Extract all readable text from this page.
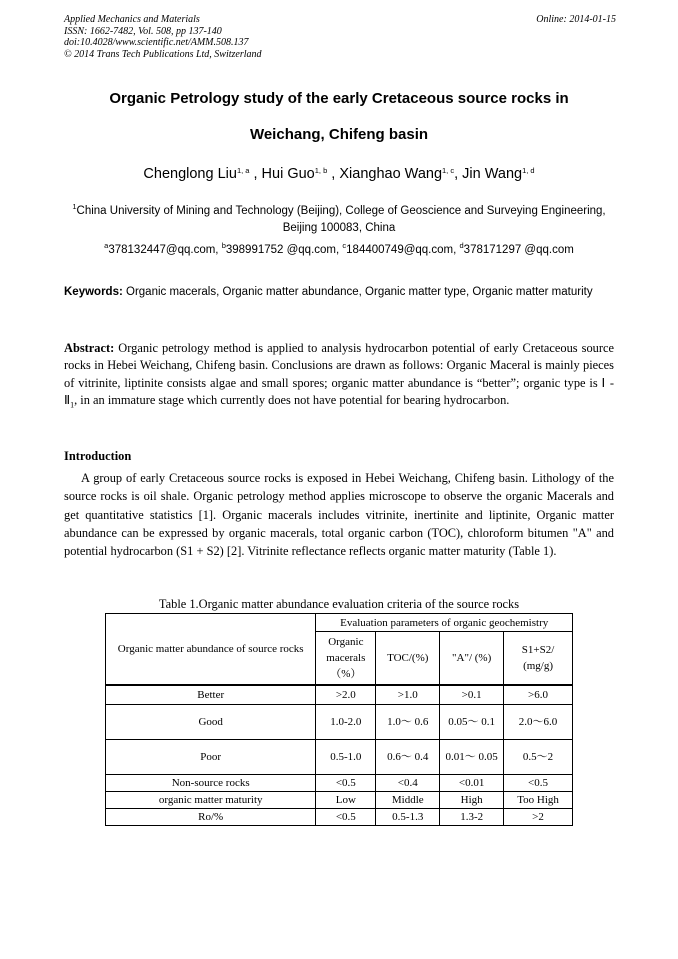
Applied Mechanics and Materials
ISSN: 1662-7482, Vol. 508, pp 137-140
doi:10.4028/www.scientific.net/AMM.508.137
© 2014 Trans Tech Publications Ltd, Switzerland
Online: 2014-01-15
Organic Petrology study of the early Cretaceous source rocks in
Weichang, Chifeng basin
Chenglong Liu$^{1, a}$ , Hui Guo$^{1, b}$ , Xianghao Wang$^{1, c}$, Jin Wang$^{1, d}$
$^1$China University of Mining and Technology (Beijing), College of Geoscience and Surveying Engineering, Beijing 100083, China
$^a$378132447@qq.com, $^b$398991752 @qq.com, $^c$184400749@qq.com, $^d$378171297 @qq.com
Keywords: Organic macerals, Organic matter abundance, Organic matter type, Organic matter maturity
Abstract: Organic petrology method is applied to analysis hydrocarbon potential of early Cretaceous source rocks in Hebei Weichang, Chifeng basin. Conclusions are drawn as follows: Organic Maceral is mainly pieces of vitrinite, liptinite consists algae and small spores; organic matter abundance is “better”; organic type is Ⅰ - $Ⅱ_1$, in an immature stage which currently does not have potential for bearing hydrocarbon.
Introduction
A group of early Cretaceous source rocks is exposed in Hebei Weichang, Chifeng basin. Lithology of the source rocks is oil shale. Organic petrology method applies microscope to observe the organic Macerals and get quantitative statistics [1]. Organic macerals includes vitrinite, inertinite and liptinite, Organic matter abundance can be expressed by organic macerals, total organic carbon (TOC), chloroform bitumen "A" and potential hydrocarbon (S1 + S2) [2]. Vitrinite reflectance reflects organic matter maturity (Table 1).
Table 1.Organic matter abundance evaluation criteria of the source rocks
Organic matter abundance of source rocks	Evaluation parameters of organic geochemistry			
	Organic macerals （%）	TOC/(%)	"A"/ (%)	S1+S2/ (mg/g)
Better	>2.0	>1.0	>0.1	>6.0
Good	1.0-2.0	1.0～ 0.6	0.05～ 0.1	2.0～6.0
Poor	0.5-1.0	0.6～ 0.4	0.01～ 0.05	0.5～2
Non-source rocks	<0.5	<0.4	<0.01	<0.5
organic matter maturity	Low	Middle	High	Too High
Ro/%	<0.5	0.5-1.3	1.3-2	>2
